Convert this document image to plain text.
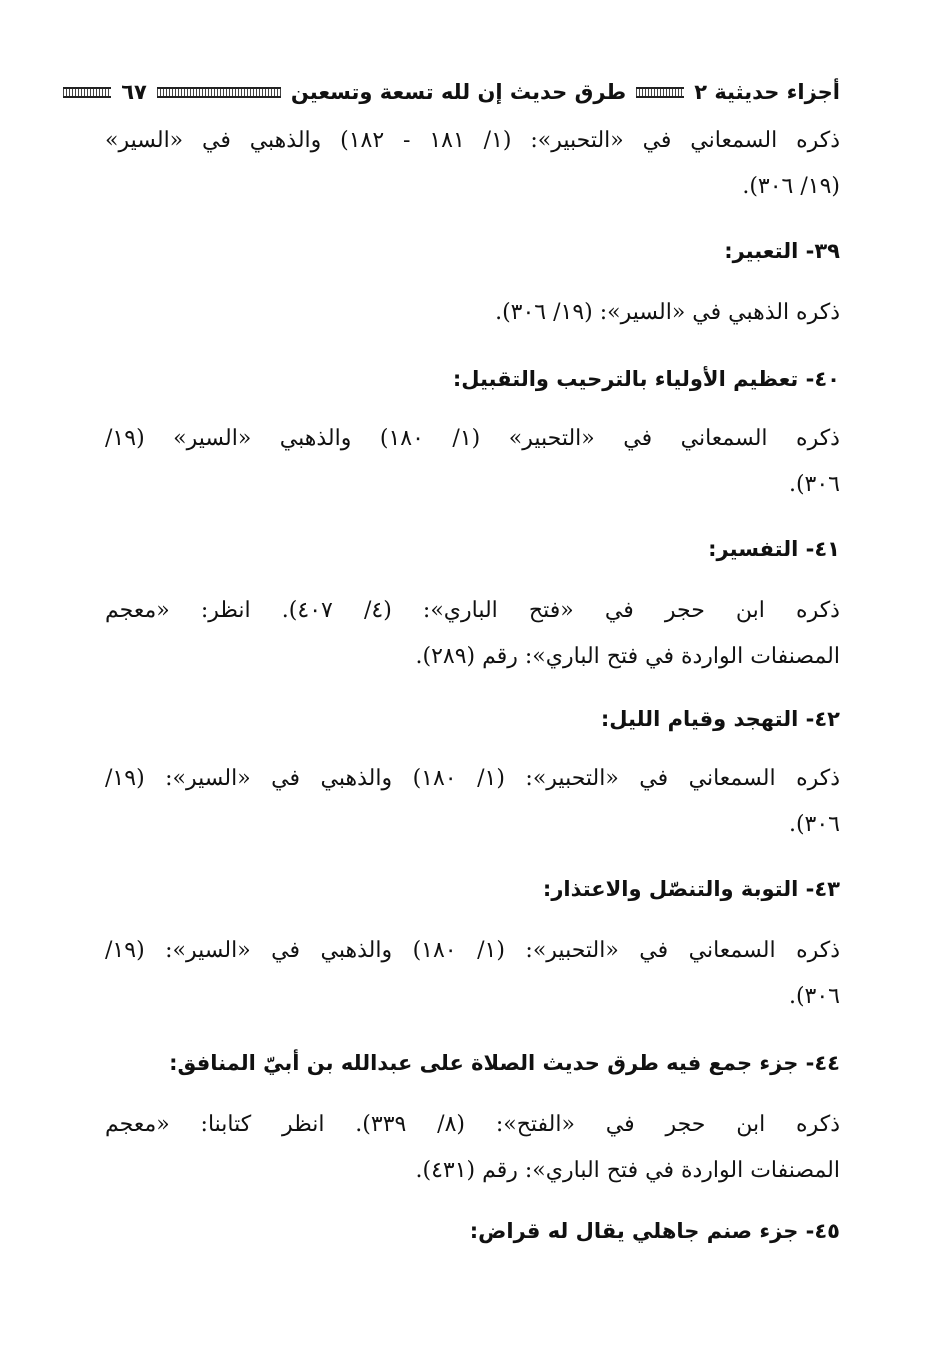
أجزاء حديثية ٢
طرق حديث إن لله تسعة وتسعين
٦٧
ذكره السمعاني في «التحبير»: (١/ ١٨١ - ١٨٢) والذهبي في «السير»
(١٩/ ٣٠٦).
٣٩- التعبير:
ذكره الذهبي في «السير»: (١٩/ ٣٠٦).
٤٠- تعظيم الأولياء بالترحيب والتقبيل:
ذكره السمعاني في «التحبير» (١/ ١٨٠) والذهبي «السير» (١٩/
٣٠٦).
٤١- التفسير:
ذكره ابن حجر في «فتح الباري»: (٤/ ٤٠٧). انظر: «معجم
المصنفات الواردة في فتح الباري»: رقم (٢٨٩).
٤٢- التهجد وقيام الليل:
ذكره السمعاني في «التحبير»: (١/ ١٨٠) والذهبي في «السير»: (١٩/
٣٠٦).
٤٣- التوبة والتنصّل والاعتذار:
ذكره السمعاني في «التحبير»: (١/ ١٨٠) والذهبي في «السير»: (١٩/
٣٠٦).
٤٤- جزء جمع فيه طرق حديث الصلاة على عبدالله بن أبيّ المنافق:
ذكره ابن حجر في «الفتح»: (٨/ ٣٣٩). انظر كتابنا: «معجم
المصنفات الواردة في فتح الباري»: رقم (٤٣١).
٤٥- جزء صنم جاهلي يقال له قراض:
